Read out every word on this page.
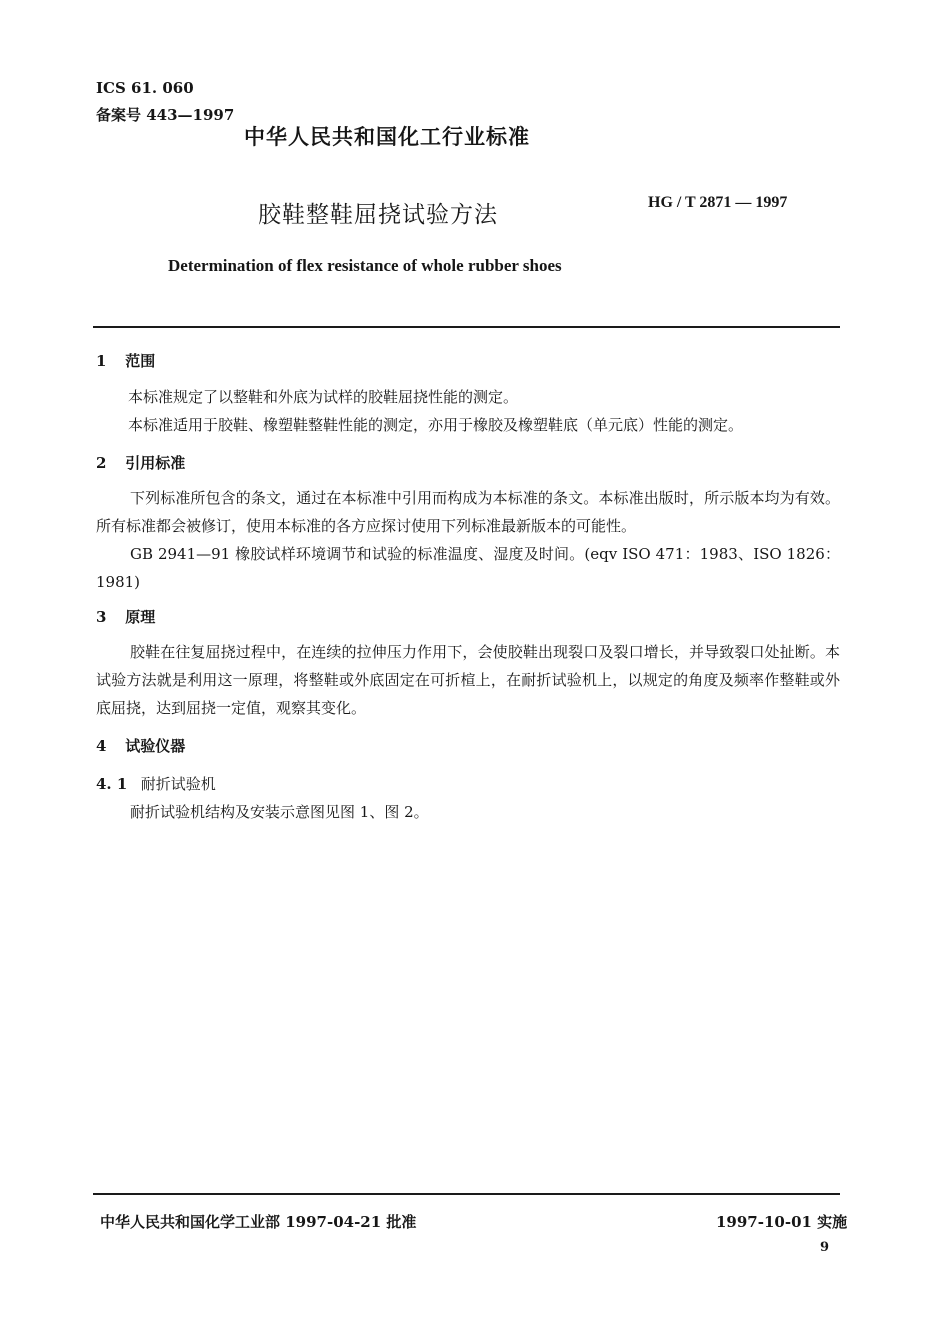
ICS 61. 060
备案号 443—1997
中华人民共和国化工行业标准
胶鞋整鞋屈挠试验方法	HG / T 2871 — 1997
Determination of flex resistance of whole rubber shoes
1 范围
本标准规定了以整鞋和外底为试样的胶鞋屈挠性能的测定。
本标准适用于胶鞋、橡塑鞋整鞋性能的测定，亦用于橡胶及橡塑鞋底（单元底）性能的测定。
2 引用标准
下列标准所包含的条文，通过在本标准中引用而构成为本标准的条文。本标准出版时，所示版本均为有效。所有标准都会被修订，使用本标准的各方应探讨使用下列标准最新版本的可能性。
GB 2941—91 橡胶试样环境调节和试验的标准温度、湿度及时间。(eqv ISO 471：1983、ISO 1826：1981)
3 原理
胶鞋在往复屈挠过程中，在连续的拉伸压力作用下，会使胶鞋出现裂口及裂口增长，并导致裂口处扯断。本试验方法就是利用这一原理，将整鞋或外底固定在可折楦上，在耐折试验机上，以规定的角度及频率作整鞋或外底屈挠，达到屈挠一定值，观察其变化。
4 试验仪器
4. 1 耐折试验机
耐折试验机结构及安装示意图见图 1、图 2。
中华人民共和国化学工业部 1997-04-21 批准	1997-10-01 实施
9
